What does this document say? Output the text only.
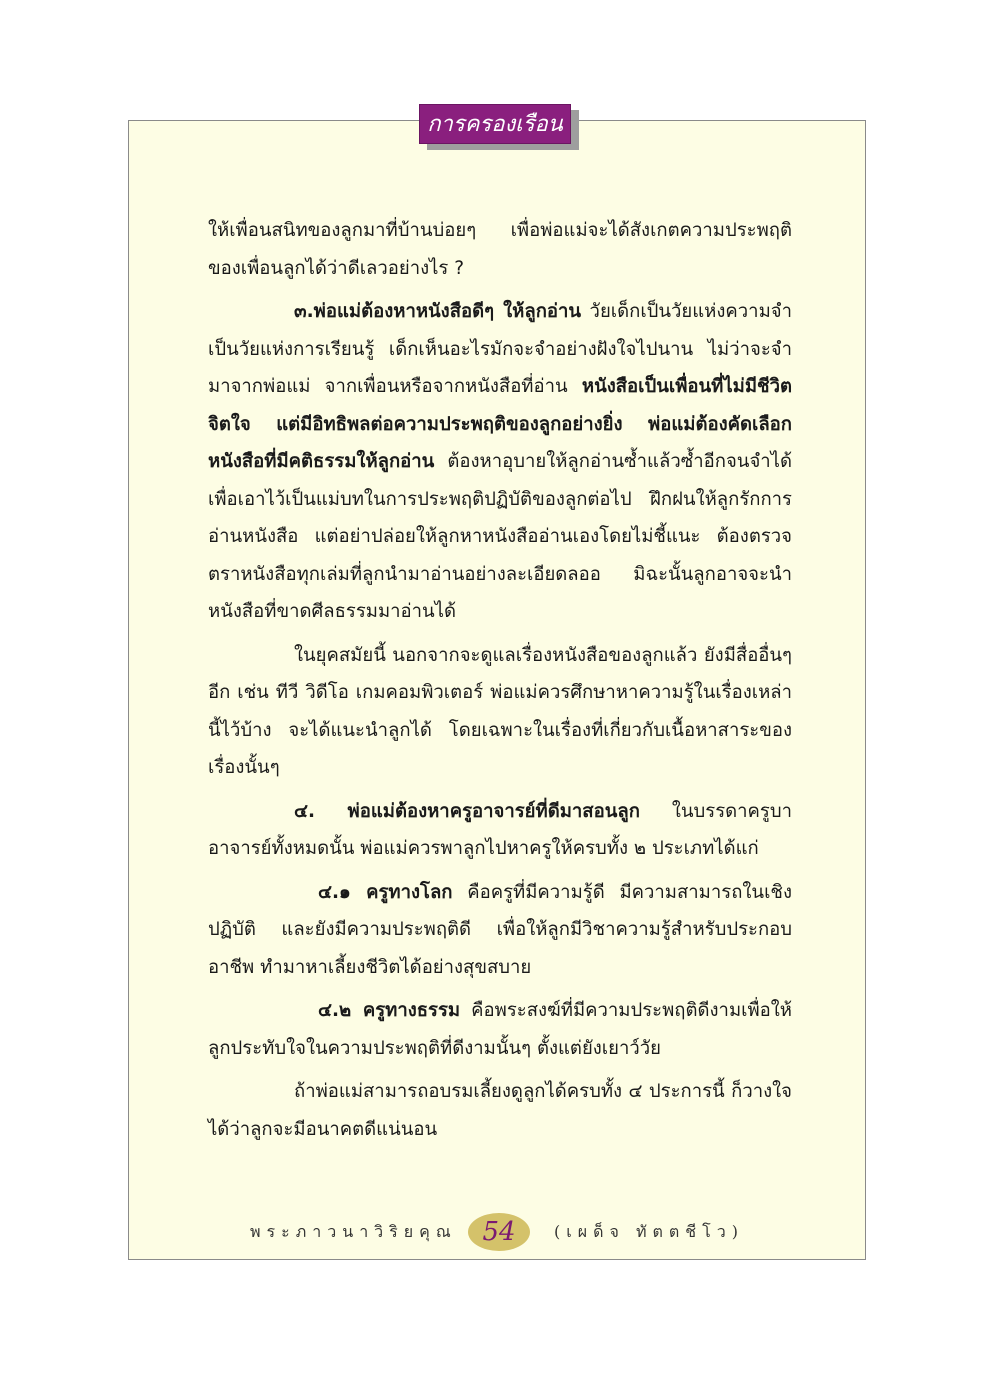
การครองเรือน

ให้เพื่อนสนิทของลูกมาที่บ้านบ่อยๆ เพื่อพ่อแม่จะได้สังเกตความประพฤติของเพื่อนลูกได้ว่าดีเลวอย่างไร ?

๓.พ่อแม่ต้องหาหนังสือดีๆ ให้ลูกอ่าน วัยเด็กเป็นวัยแห่งความจำ เป็นวัยแห่งการเรียนรู้ เด็กเห็นอะไรมักจะจำอย่างฝังใจไปนาน ไม่ว่าจะจำมาจากพ่อแม่ จากเพื่อนหรือจากหนังสือที่อ่าน หนังสือเป็นเพื่อนที่ไม่มีชีวิตจิตใจ แต่มีอิทธิพลต่อความประพฤติของลูกอย่างยิ่ง พ่อแม่ต้องคัดเลือกหนังสือที่มีคติธรรมให้ลูกอ่าน ต้องหาอุบายให้ลูกอ่านซ้ำแล้วซ้ำอีกจนจำได้ เพื่อเอาไว้เป็นแม่บทในการประพฤติปฏิบัติของลูกต่อไป ฝึกฝนให้ลูกรักการอ่านหนังสือ แต่อย่าปล่อยให้ลูกหาหนังสืออ่านเองโดยไม่ชี้แนะ ต้องตรวจตราหนังสือทุกเล่มที่ลูกนำมาอ่านอย่างละเอียดลออ มิฉะนั้นลูกอาจจะนำหนังสือที่ขาดศีลธรรมมาอ่านได้

ในยุคสมัยนี้ นอกจากจะดูแลเรื่องหนังสือของลูกแล้ว ยังมีสื่ออื่นๆ อีก เช่น ทีวี วิดีโอ เกมคอมพิวเตอร์ พ่อแม่ควรศึกษาหาความรู้ในเรื่องเหล่านี้ไว้บ้าง จะได้แนะนำลูกได้ โดยเฉพาะในเรื่องที่เกี่ยวกับเนื้อหาสาระของเรื่องนั้นๆ

๔. พ่อแม่ต้องหาครูอาจารย์ที่ดีมาสอนลูก ในบรรดาครูบาอาจารย์ทั้งหมดนั้น พ่อแม่ควรพาลูกไปหาครูให้ครบทั้ง ๒ ประเภทได้แก่

๔.๑ ครูทางโลก คือครูที่มีความรู้ดี มีความสามารถในเชิงปฏิบัติ และยังมีความประพฤติดี เพื่อให้ลูกมีวิชาความรู้สำหรับประกอบอาชีพ ทำมาหาเลี้ยงชีวิตได้อย่างสุขสบาย

๔.๒ ครูทางธรรม คือพระสงฆ์ที่มีความประพฤติดีงามเพื่อให้ลูกประทับใจในความประพฤติที่ดีงามนั้นๆ ตั้งแต่ยังเยาว์วัย

ถ้าพ่อแม่สามารถอบรมเลี้ยงดูลูกได้ครบทั้ง ๔ ประการนี้ ก็วางใจได้ว่าลูกจะมีอนาคตดีแน่นอน

พระภาวนาวิริยคุณ 54	(เผด็จ ทัตตชีโว)
